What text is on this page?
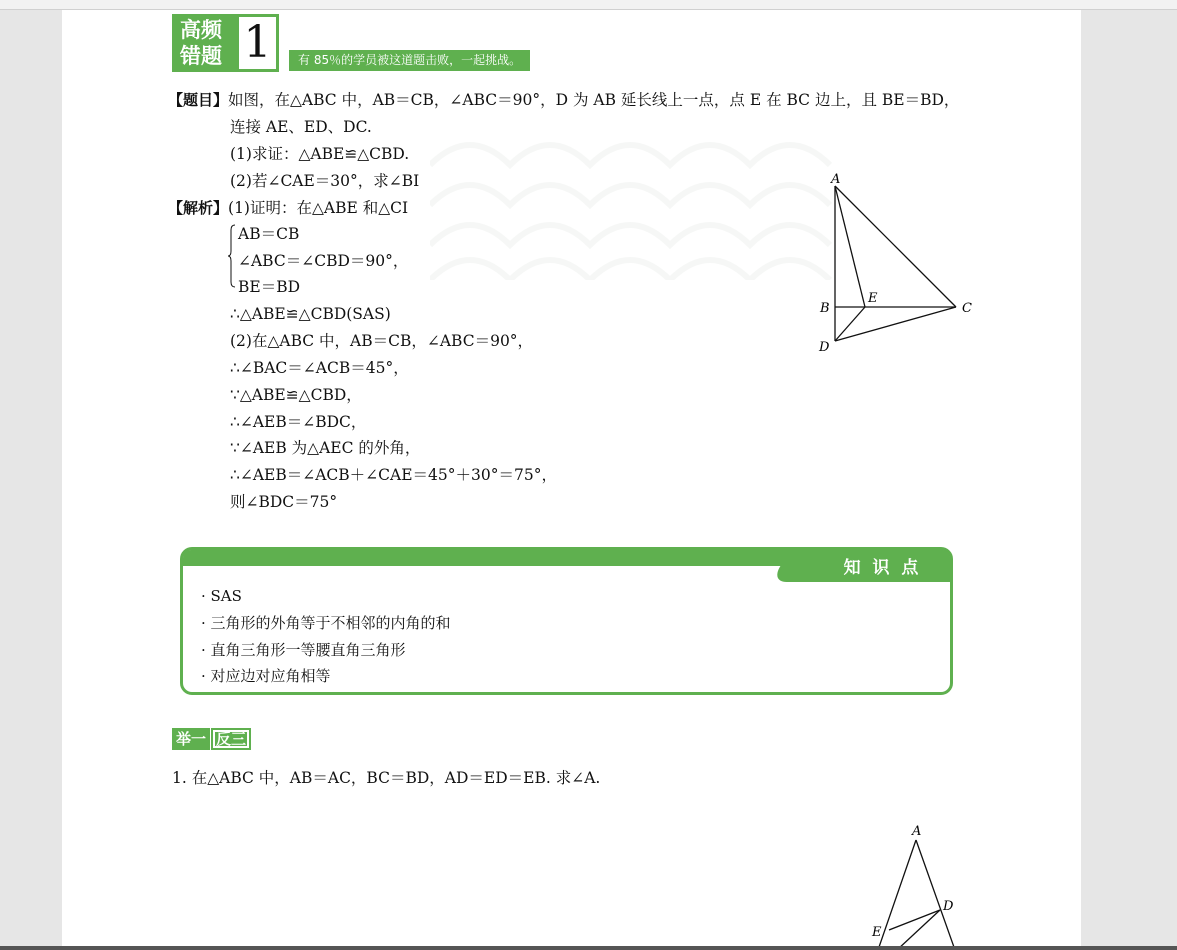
高频
错题 1	有 85％的学员被这道题击败，一起挑战。
【题目】如图，在△ABC 中，AB＝CB，∠ABC＝90°，D 为 AB 延长线上一点，点 E 在 BC 边上，且 BE＝BD，
连接 AE、ED、DC.
(1)求证：△ABE≌△CBD.
(2)若∠CAE＝30°，求∠BI
【解析】(1)证明：在△ABE 和△CI
AB＝CB
∠ABC＝∠CBD＝90°，
BE＝BD
∴△ABE≌△CBD(SAS)
(2)在△ABC 中，AB＝CB，∠ABC＝90°，
∴∠BAC＝∠ACB＝45°，
∵△ABE≌△CBD，
∴∠AEB＝∠BDC，
∵∠AEB 为△AEC 的外角，
∴∠AEB＝∠ACB＋∠CAE＝45°＋30°＝75°，
则∠BDC＝75°
A
B
E
C
D
知 识 点
· SAS
· 三角形的外角等于不相邻的内角的和
· 直角三角形一等腰直角三角形
· 对应边对应角相等
举一 反三
1. 在△ABC 中，AB＝AC，BC＝BD，AD＝ED＝EB. 求∠A.
A
D
E
